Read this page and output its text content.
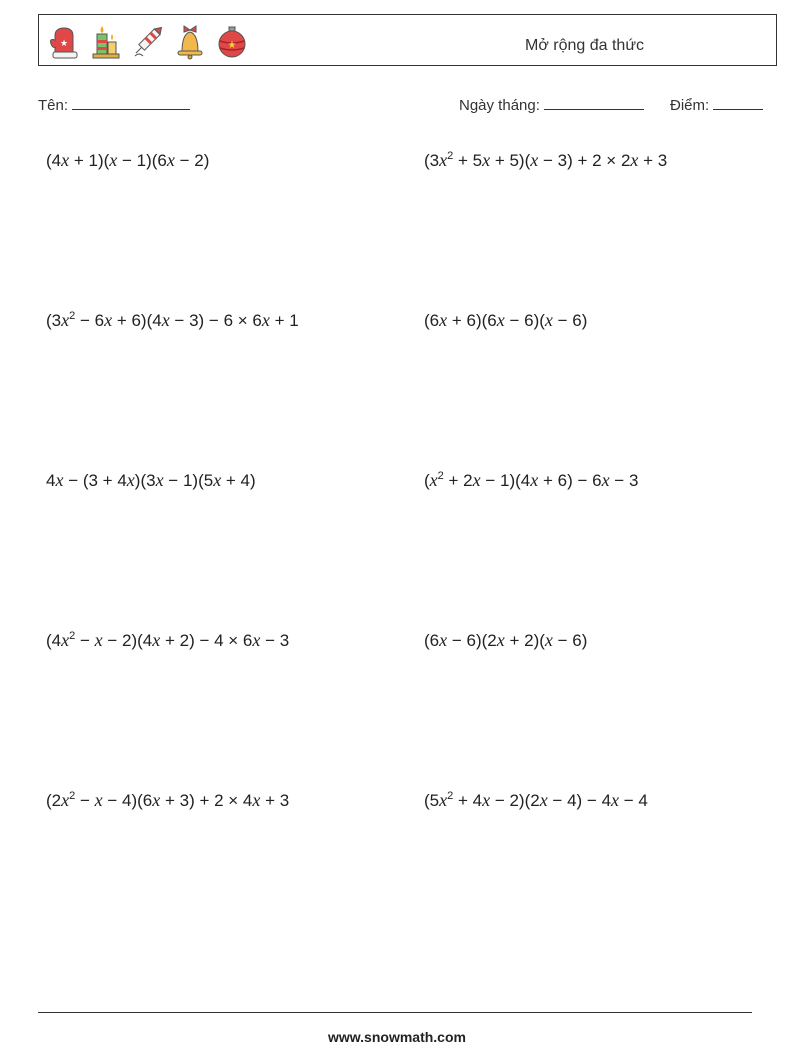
★	★	Mở rộng đa thức
Tên:	Ngày tháng:	Điểm:
(4x + 1)(x − 1)(6x − 2)	$(3x^2 + 5x + 5)(x - 3) + 2 \times 2x + 3$
$(3x^2 - 6x + 6)(4x - 3) - 6 \times 6x + 1$	(6x + 6)(6x − 6)(x − 6)
4x − (3 + 4x)(3x − 1)(5x + 4)	$(x^2 + 2x - 1)(4x + 6) - 6x - 3$
$(4x^2 - x - 2)(4x + 2) - 4 \times 6x - 3$	(6x − 6)(2x + 2)(x − 6)
$(2x^2 - x - 4)(6x + 3) + 2 \times 4x + 3$	$(5x^2 + 4x - 2)(2x - 4) - 4x - 4$
www.snowmath.com
